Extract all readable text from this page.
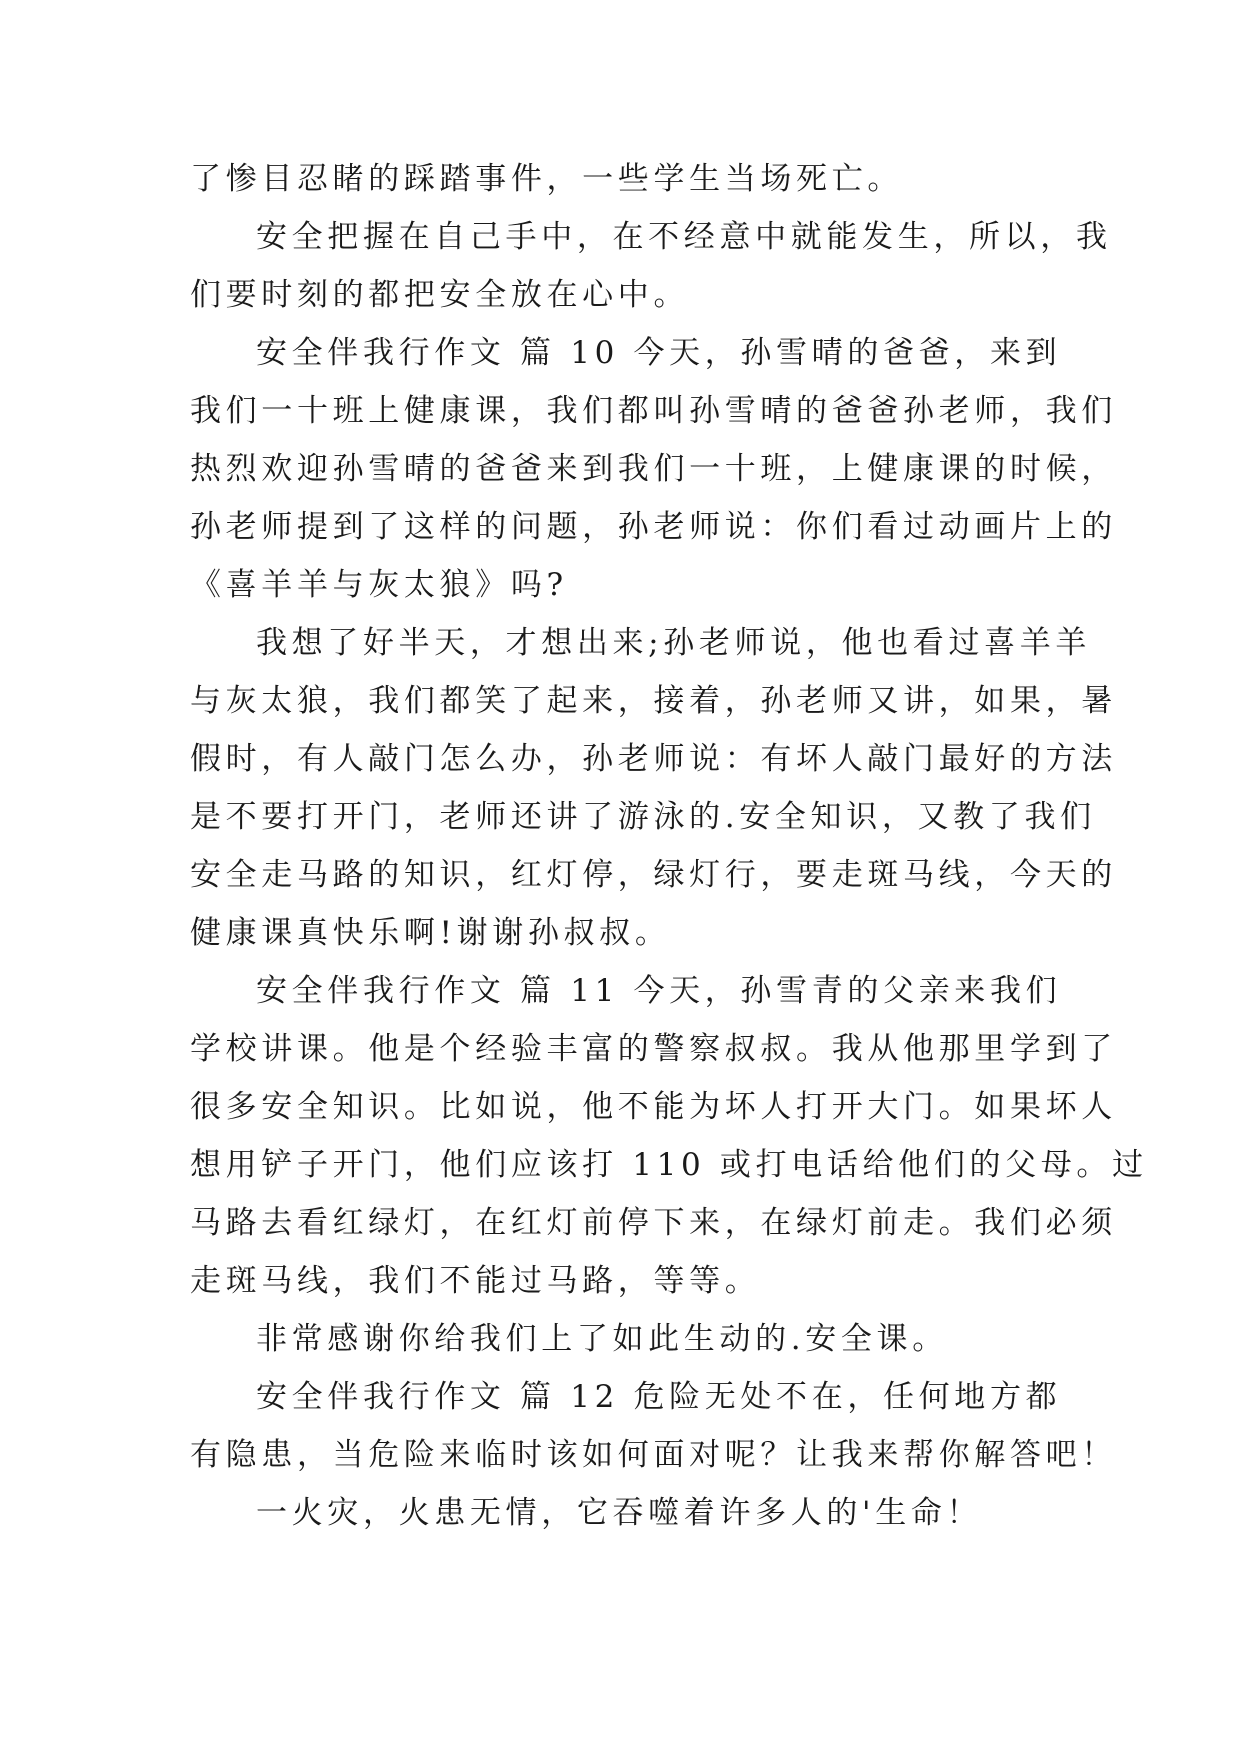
了惨目忍睹的踩踏事件，一些学生当场死亡。
安全把握在自己手中，在不经意中就能发生，所以，我
们要时刻的都把安全放在心中。
安全伴我行作文 篇 10 今天，孙雪晴的爸爸，来到
我们一十班上健康课，我们都叫孙雪晴的爸爸孙老师，我们
热烈欢迎孙雪晴的爸爸来到我们一十班，上健康课的时候，
孙老师提到了这样的问题，孙老师说：你们看过动画片上的
《喜羊羊与灰太狼》吗?
我想了好半天，才想出来;孙老师说，他也看过喜羊羊
与灰太狼，我们都笑了起来，接着，孙老师又讲，如果，暑
假时，有人敲门怎么办，孙老师说：有坏人敲门最好的方法
是不要打开门，老师还讲了游泳的.安全知识，又教了我们
安全走马路的知识，红灯停，绿灯行，要走斑马线，今天的
健康课真快乐啊!谢谢孙叔叔。
安全伴我行作文 篇 11 今天，孙雪青的父亲来我们
学校讲课。他是个经验丰富的警察叔叔。我从他那里学到了
很多安全知识。比如说，他不能为坏人打开大门。如果坏人
想用铲子开门，他们应该打 110 或打电话给他们的父母。过
马路去看红绿灯，在红灯前停下来，在绿灯前走。我们必须
走斑马线，我们不能过马路，等等。
非常感谢你给我们上了如此生动的.安全课。
安全伴我行作文 篇 12 危险无处不在，任何地方都
有隐患，当危险来临时该如何面对呢？让我来帮你解答吧！
一火灾，火患无情，它吞噬着许多人的'生命！
